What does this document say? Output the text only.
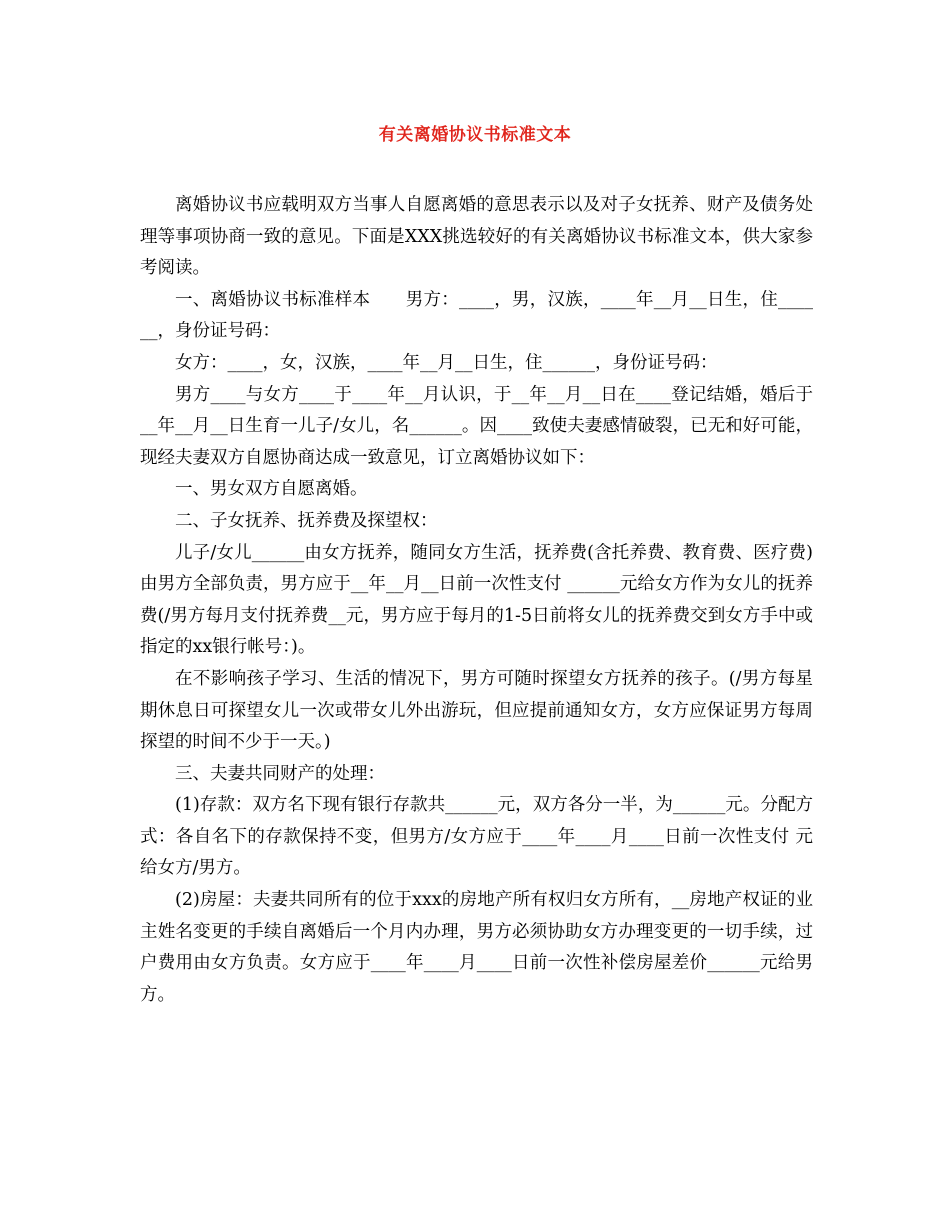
有关离婚协议书标准文本

离婚协议书应载明双方当事人自愿离婚的意思表示以及对子女抚养、财产及债务处理等事项协商一致的意见。下面是XXX挑选较好的有关离婚协议书标准文本，供大家参考阅读。

一、离婚协议书标准样本　　男方：____，男，汉族，____年__月__日生，住______，身份证号码：

女方：____，女，汉族，____年__月__日生，住______，身份证号码：

男方____与女方____于____年__月认识，于__年__月__日在____登记结婚，婚后于__年__月__日生育一儿子/女儿，名______。因____致使夫妻感情破裂，已无和好可能，现经夫妻双方自愿协商达成一致意见，订立离婚协议如下：

一、男女双方自愿离婚。

二、子女抚养、抚养费及探望权：

儿子/女儿______由女方抚养，随同女方生活，抚养费(含托养费、教育费、医疗费)由男方全部负责，男方应于__年__月__日前一次性支付 ______元给女方作为女儿的抚养费(/男方每月支付抚养费__元，男方应于每月的1-5日前将女儿的抚养费交到女方手中或指定的xx银行帐号：)。

在不影响孩子学习、生活的情况下，男方可随时探望女方抚养的孩子。(/男方每星期休息日可探望女儿一次或带女儿外出游玩，但应提前通知女方，女方应保证男方每周探望的时间不少于一天。)

三、夫妻共同财产的处理：

(1)存款：双方名下现有银行存款共______元，双方各分一半，为______元。分配方式：各自名下的存款保持不变，但男方/女方应于____年____月____日前一次性支付 元给女方/男方。

(2)房屋：夫妻共同所有的位于xxx的房地产所有权归女方所有，__房地产权证的业主姓名变更的手续自离婚后一个月内办理，男方必须协助女方办理变更的一切手续，过户费用由女方负责。女方应于____年____月____日前一次性补偿房屋差价______元给男方。
